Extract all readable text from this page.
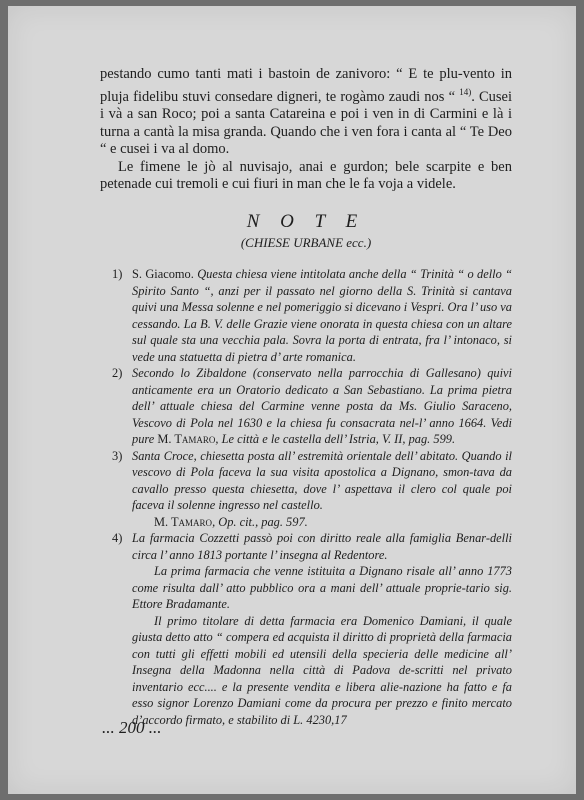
pestando cumo tanti mati i bastoin de zanivoro: “ E te plu-vento in pluja fidelibu stuvi consedare digneri, te rogàmo zaudi nos “ $^{14)}$. Cusei i và a san Roco; poi a santa Catareina e poi i ven in di Carmini e là i turna a cantà la misa granda. Quando che i ven fora i canta al “ Te Deo “ e cusei i va al domo.

Le fimene le jò al nuvisajo, anai e gurdon; bele scarpite e ben petenade cui tremoli e cui fiuri in man che le fa voja a videle.

N O T E
(CHIESE URBANE ecc.)
1) S. Giacomo. Questa chiesa viene intitolata anche della “ Trinità “ o dello “ Spirito Santo “, anzi per il passato nel giorno della S. Trinità si cantava quivi una Messa solenne e nel pomeriggio si dicevano i Vespri. Ora l’ uso va cessando. La B. V. delle Grazie viene onorata in questa chiesa con un altare sul quale sta una vecchia pala. Sovra la porta di entrata, fra l’ intonaco, si vede una statuetta di pietra d’ arte romanica.

2) Secondo lo Zibaldone (conservato nella parrocchia di Gallesano) quivi anticamente era un Oratorio dedicato a San Sebastiano. La prima pietra dell’ attuale chiesa del Carmine venne posta da Ms. Giulio Saraceno, Vescovo di Pola nel 1630 e la chiesa fu consacrata nel-l’ anno 1664. Vedi pure M. Tamaro, Le città e le castella dell’ Istria, V. II, pag. 599.

3) Santa Croce, chiesetta posta all’ estremità orientale dell’ abitato. Quando il vescovo di Pola faceva la sua visita apostolica a Dignano, smon-tava da cavallo presso questa chiesetta, dove l’ aspettava il clero col quale poi faceva il solenne ingresso nel castello.

M. Tamaro, Op. cit., pag. 597.

4) La farmacia Cozzetti passò poi con diritto reale alla famiglia Benar-delli circa l’ anno 1813 portante l’ insegna al Redentore.

La prima farmacia che venne istituita a Dignano risale all’ anno 1773 come risulta dall’ atto pubblico ora a mani dell’ attuale proprie-tario sig. Ettore Bradamante.

Il primo titolare di detta farmacia era Domenico Damiani, il quale giusta detto atto “ compera ed acquista il diritto di proprietà della farmacia con tutti gli effetti mobili ed utensili della specieria delle medicine all’ Insegna della Madonna nella città di Padova de-scritti nel privato inventario ecc.... e la presente vendita e libera alie-nazione ha fatto e fa esso signor Lorenzo Damiani come da procura per prezzo e finito mercato d’accordo firmato, e stabilito di L. 4230,17

... 200 ...
